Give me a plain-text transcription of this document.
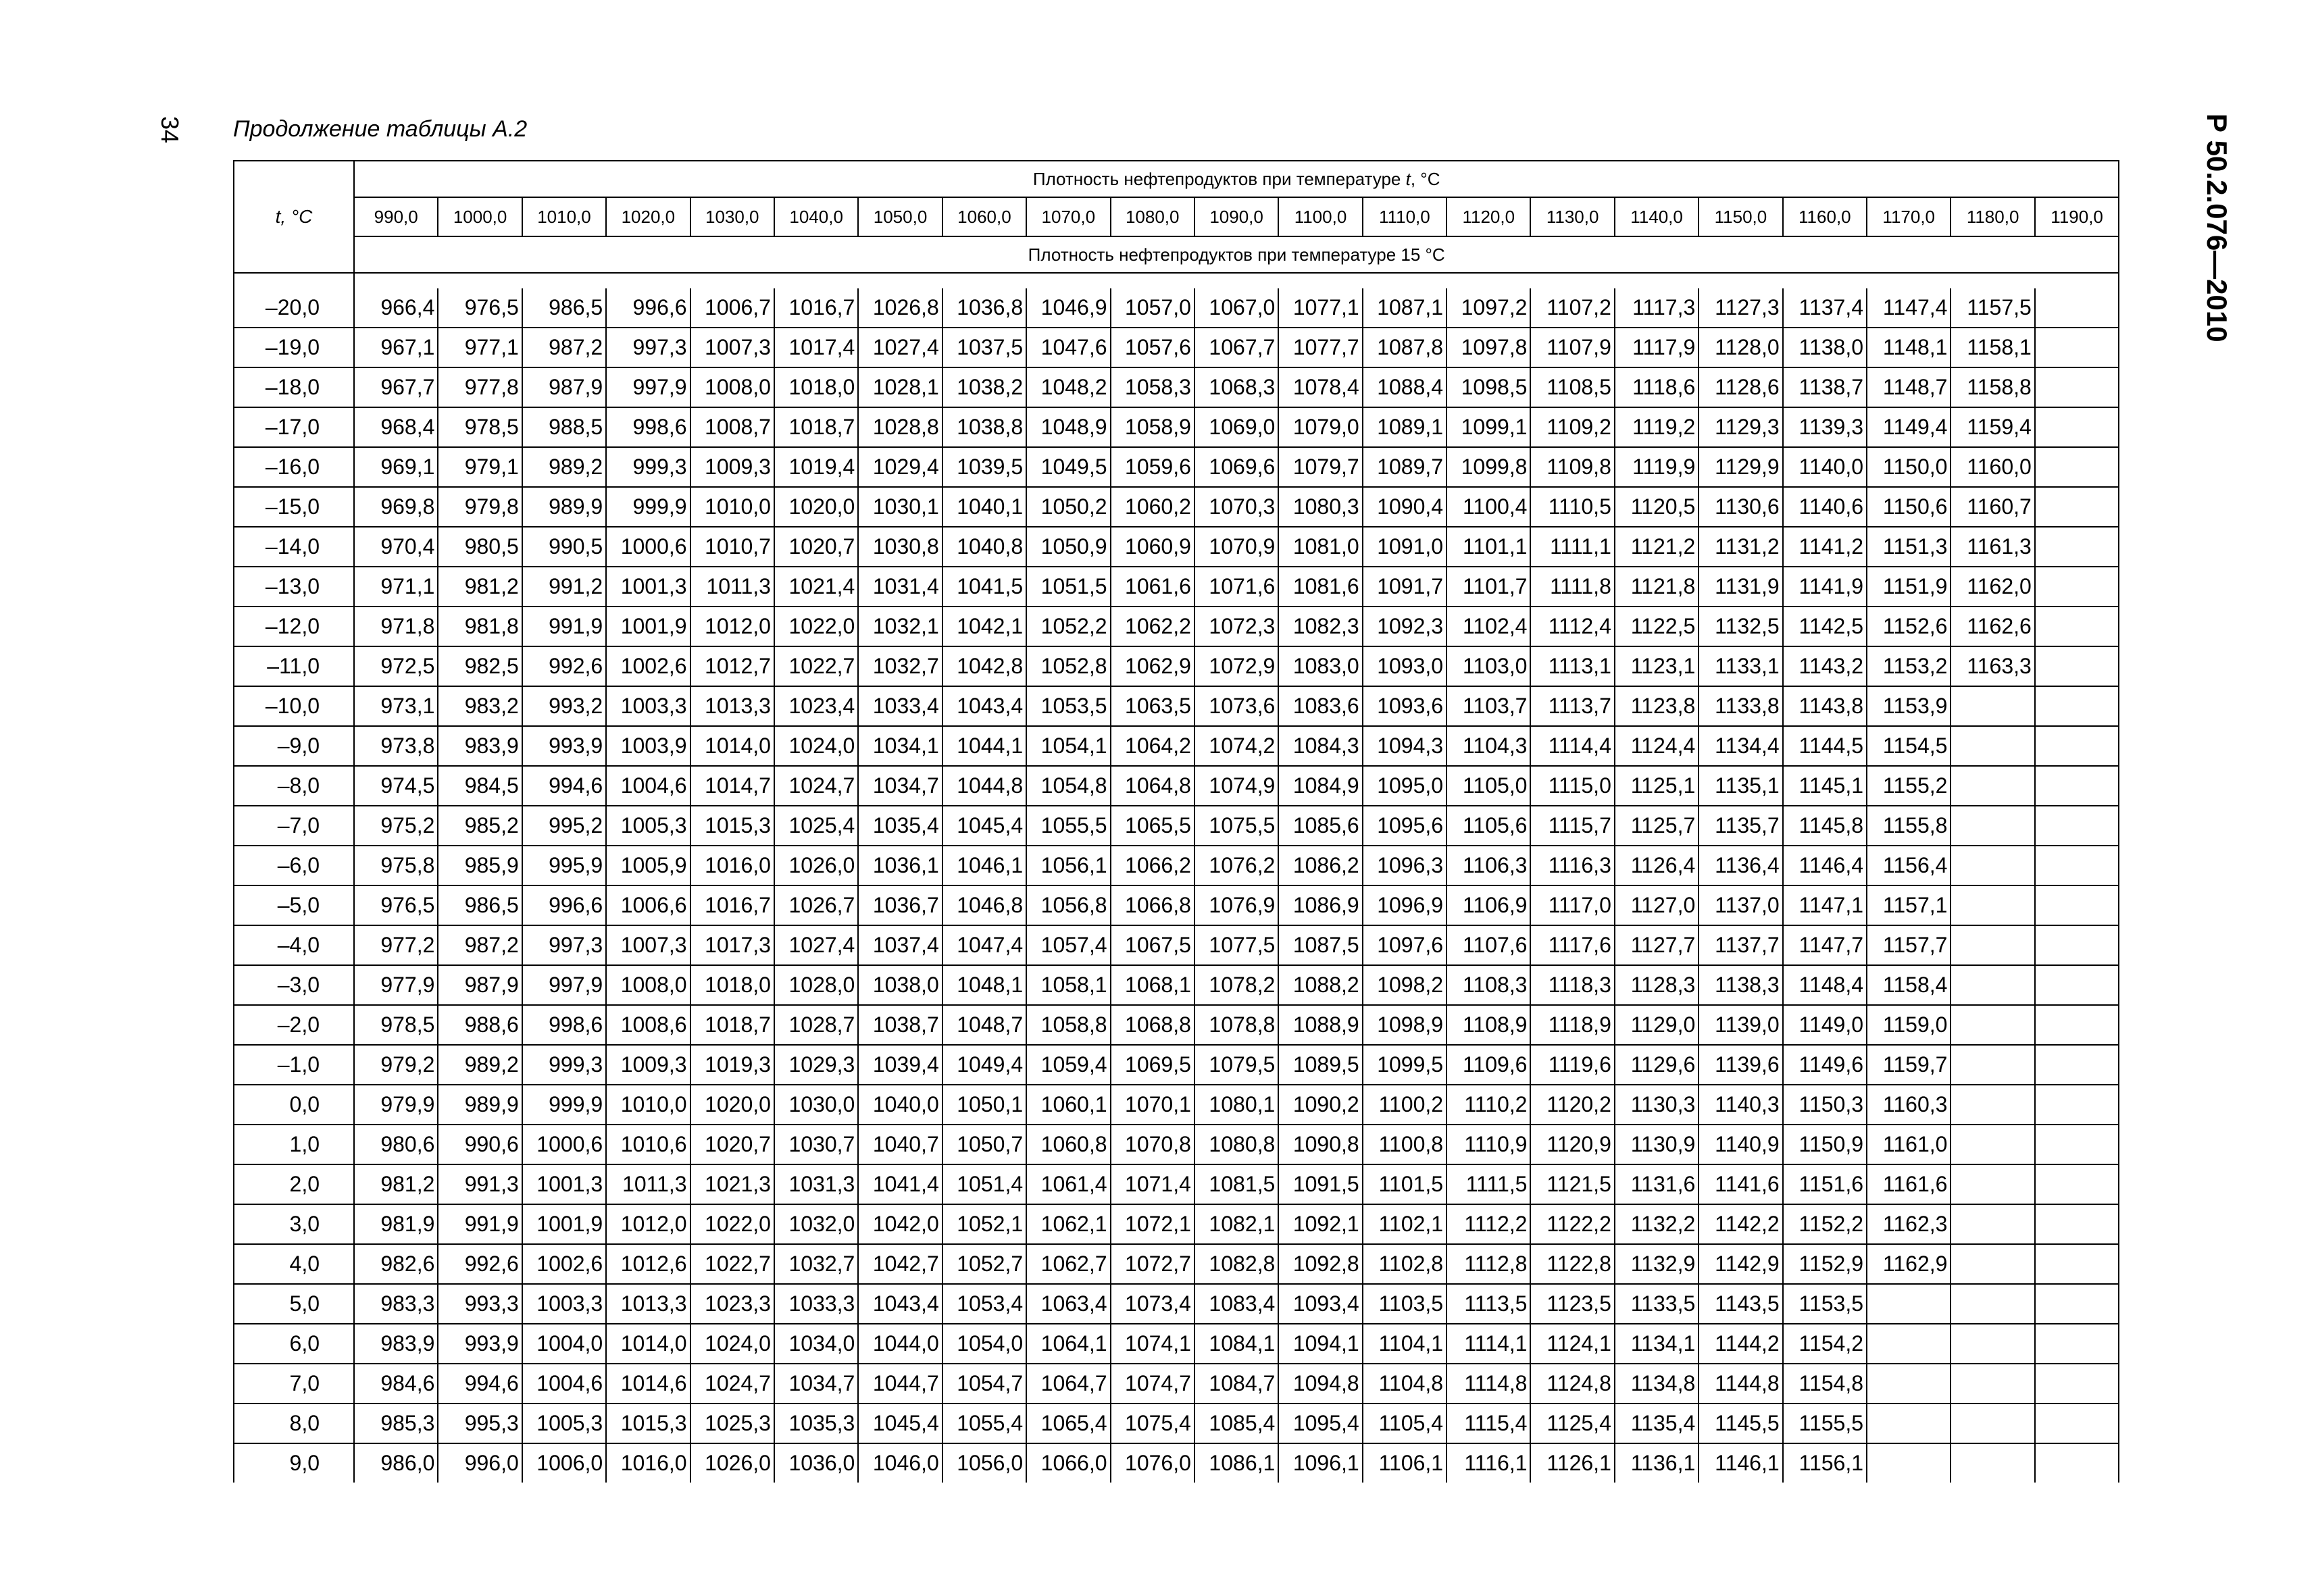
34	Р 50.2.076—2010
Продолжение таблицы А.2
t, °C	Плотность нефтепродуктов при температуре t, °С																				
	990,0	1000,0	1010,0	1020,0	1030,0	1040,0	1050,0	1060,0	1070,0	1080,0	1090,0	1100,0	1110,0	1120,0	1130,0	1140,0	1150,0	1160,0	1170,0	1180,0	1190,0
	Плотность нефтепродуктов при температуре 15 °С																				

–20,0	966,4	976,5	986,5	996,6	1006,7	1016,7	1026,8	1036,8	1046,9	1057,0	1067,0	1077,1	1087,1	1097,2	1107,2	1117,3	1127,3	1137,4	1147,4	1157,5	
–19,0	967,1	977,1	987,2	997,3	1007,3	1017,4	1027,4	1037,5	1047,6	1057,6	1067,7	1077,7	1087,8	1097,8	1107,9	1117,9	1128,0	1138,0	1148,1	1158,1	
–18,0	967,7	977,8	987,9	997,9	1008,0	1018,0	1028,1	1038,2	1048,2	1058,3	1068,3	1078,4	1088,4	1098,5	1108,5	1118,6	1128,6	1138,7	1148,7	1158,8	
–17,0	968,4	978,5	988,5	998,6	1008,7	1018,7	1028,8	1038,8	1048,9	1058,9	1069,0	1079,0	1089,1	1099,1	1109,2	1119,2	1129,3	1139,3	1149,4	1159,4	
–16,0	969,1	979,1	989,2	999,3	1009,3	1019,4	1029,4	1039,5	1049,5	1059,6	1069,6	1079,7	1089,7	1099,8	1109,8	1119,9	1129,9	1140,0	1150,0	1160,0	
–15,0	969,8	979,8	989,9	999,9	1010,0	1020,0	1030,1	1040,1	1050,2	1060,2	1070,3	1080,3	1090,4	1100,4	1110,5	1120,5	1130,6	1140,6	1150,6	1160,7	
–14,0	970,4	980,5	990,5	1000,6	1010,7	1020,7	1030,8	1040,8	1050,9	1060,9	1070,9	1081,0	1091,0	1101,1	1111,1	1121,2	1131,2	1141,2	1151,3	1161,3	
–13,0	971,1	981,2	991,2	1001,3	1011,3	1021,4	1031,4	1041,5	1051,5	1061,6	1071,6	1081,6	1091,7	1101,7	1111,8	1121,8	1131,9	1141,9	1151,9	1162,0	
–12,0	971,8	981,8	991,9	1001,9	1012,0	1022,0	1032,1	1042,1	1052,2	1062,2	1072,3	1082,3	1092,3	1102,4	1112,4	1122,5	1132,5	1142,5	1152,6	1162,6	
–11,0	972,5	982,5	992,6	1002,6	1012,7	1022,7	1032,7	1042,8	1052,8	1062,9	1072,9	1083,0	1093,0	1103,0	1113,1	1123,1	1133,1	1143,2	1153,2	1163,3	
–10,0	973,1	983,2	993,2	1003,3	1013,3	1023,4	1033,4	1043,4	1053,5	1063,5	1073,6	1083,6	1093,6	1103,7	1113,7	1123,8	1133,8	1143,8	1153,9		
–9,0	973,8	983,9	993,9	1003,9	1014,0	1024,0	1034,1	1044,1	1054,1	1064,2	1074,2	1084,3	1094,3	1104,3	1114,4	1124,4	1134,4	1144,5	1154,5		
–8,0	974,5	984,5	994,6	1004,6	1014,7	1024,7	1034,7	1044,8	1054,8	1064,8	1074,9	1084,9	1095,0	1105,0	1115,0	1125,1	1135,1	1145,1	1155,2		
–7,0	975,2	985,2	995,2	1005,3	1015,3	1025,4	1035,4	1045,4	1055,5	1065,5	1075,5	1085,6	1095,6	1105,6	1115,7	1125,7	1135,7	1145,8	1155,8		
–6,0	975,8	985,9	995,9	1005,9	1016,0	1026,0	1036,1	1046,1	1056,1	1066,2	1076,2	1086,2	1096,3	1106,3	1116,3	1126,4	1136,4	1146,4	1156,4		
–5,0	976,5	986,5	996,6	1006,6	1016,7	1026,7	1036,7	1046,8	1056,8	1066,8	1076,9	1086,9	1096,9	1106,9	1117,0	1127,0	1137,0	1147,1	1157,1		
–4,0	977,2	987,2	997,3	1007,3	1017,3	1027,4	1037,4	1047,4	1057,4	1067,5	1077,5	1087,5	1097,6	1107,6	1117,6	1127,7	1137,7	1147,7	1157,7		
–3,0	977,9	987,9	997,9	1008,0	1018,0	1028,0	1038,0	1048,1	1058,1	1068,1	1078,2	1088,2	1098,2	1108,3	1118,3	1128,3	1138,3	1148,4	1158,4		
–2,0	978,5	988,6	998,6	1008,6	1018,7	1028,7	1038,7	1048,7	1058,8	1068,8	1078,8	1088,9	1098,9	1108,9	1118,9	1129,0	1139,0	1149,0	1159,0		
–1,0	979,2	989,2	999,3	1009,3	1019,3	1029,3	1039,4	1049,4	1059,4	1069,5	1079,5	1089,5	1099,5	1109,6	1119,6	1129,6	1139,6	1149,6	1159,7		
0,0	979,9	989,9	999,9	1010,0	1020,0	1030,0	1040,0	1050,1	1060,1	1070,1	1080,1	1090,2	1100,2	1110,2	1120,2	1130,3	1140,3	1150,3	1160,3		
1,0	980,6	990,6	1000,6	1010,6	1020,7	1030,7	1040,7	1050,7	1060,8	1070,8	1080,8	1090,8	1100,8	1110,9	1120,9	1130,9	1140,9	1150,9	1161,0		
2,0	981,2	991,3	1001,3	1011,3	1021,3	1031,3	1041,4	1051,4	1061,4	1071,4	1081,5	1091,5	1101,5	1111,5	1121,5	1131,6	1141,6	1151,6	1161,6		
3,0	981,9	991,9	1001,9	1012,0	1022,0	1032,0	1042,0	1052,1	1062,1	1072,1	1082,1	1092,1	1102,1	1112,2	1122,2	1132,2	1142,2	1152,2	1162,3		
4,0	982,6	992,6	1002,6	1012,6	1022,7	1032,7	1042,7	1052,7	1062,7	1072,7	1082,8	1092,8	1102,8	1112,8	1122,8	1132,9	1142,9	1152,9	1162,9		
5,0	983,3	993,3	1003,3	1013,3	1023,3	1033,3	1043,4	1053,4	1063,4	1073,4	1083,4	1093,4	1103,5	1113,5	1123,5	1133,5	1143,5	1153,5			
6,0	983,9	993,9	1004,0	1014,0	1024,0	1034,0	1044,0	1054,0	1064,1	1074,1	1084,1	1094,1	1104,1	1114,1	1124,1	1134,1	1144,2	1154,2			
7,0	984,6	994,6	1004,6	1014,6	1024,7	1034,7	1044,7	1054,7	1064,7	1074,7	1084,7	1094,8	1104,8	1114,8	1124,8	1134,8	1144,8	1154,8			
8,0	985,3	995,3	1005,3	1015,3	1025,3	1035,3	1045,4	1055,4	1065,4	1075,4	1085,4	1095,4	1105,4	1115,4	1125,4	1135,4	1145,5	1155,5			
9,0	986,0	996,0	1006,0	1016,0	1026,0	1036,0	1046,0	1056,0	1066,0	1076,0	1086,1	1096,1	1106,1	1116,1	1126,1	1136,1	1146,1	1156,1			
